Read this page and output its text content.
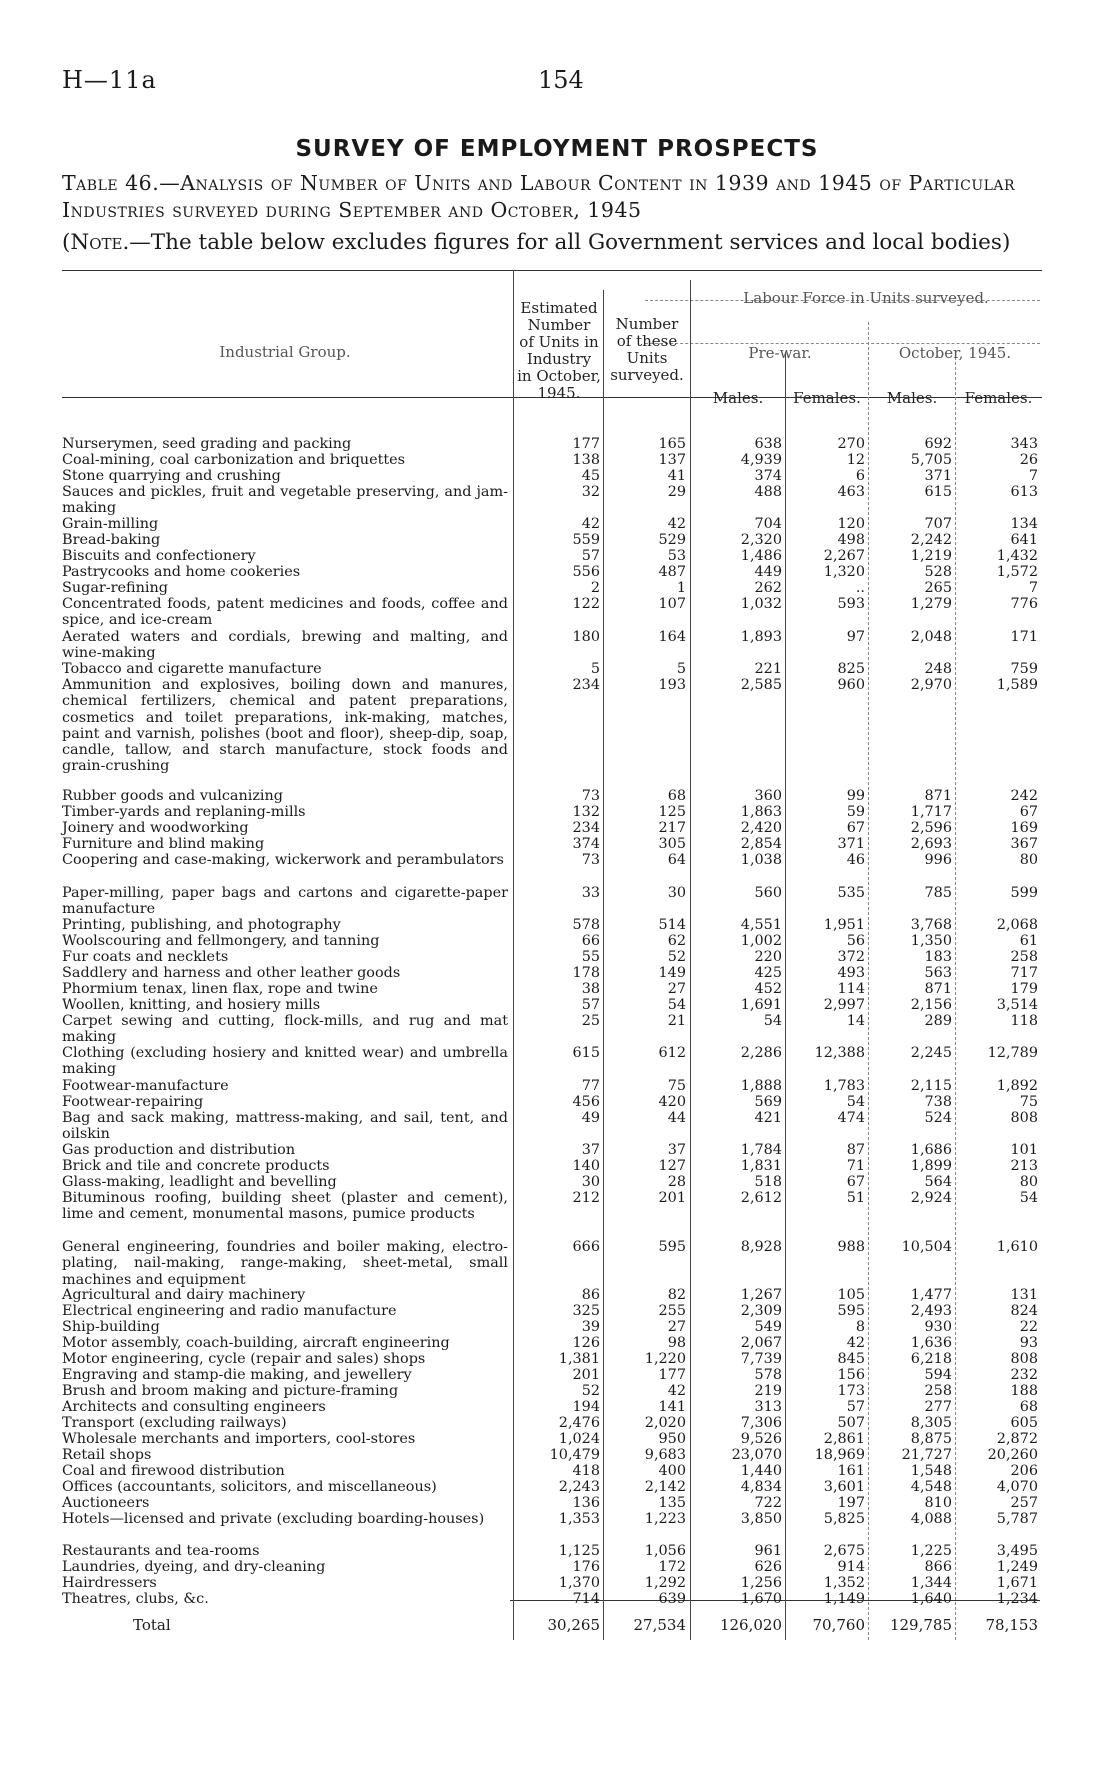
H—11a	154
SURVEY OF EMPLOYMENT PROSPECTS
Table 46.—Analysis of Number of Units and Labour Content in 1939 and 1945 of Particular Industries surveyed during September and October, 1945
(Note.—The table below excludes figures for all Government services and local bodies)
Industrial Group.
Estimated
Number
of Units in
Industry
in October,
1945.
Number
of these
Units
surveyed.
Labour Force in Units surveyed.
Pre-war.	October, 1945.
Males.	Females.	Males.	Females.
Nurserymen, seed grading and packing	177	165	638	270	692	343
Coal-mining, coal carbonization and briquettes	138	137	4,939	12	5,705	26
Stone quarrying and crushing	45	41	374	6	371	7
Sauces and pickles, fruit and vegetable preserving, and jam-making
32	29	488	463	615	613
Grain-milling	42	42	704	120	707	134
Bread-baking	559	529	2,320	498	2,242	641
Biscuits and confectionery	57	53	1,486	2,267	1,219	1,432
Pastrycooks and home cookeries	556	487	449	1,320	528	1,572
Sugar-refining	2	1	262	..	265	7
Concentrated foods, patent medicines and foods, coffee and spice, and ice-cream
122	107	1,032	593	1,279	776
Aerated waters and cordials, brewing and malting, and wine-making
180	164	1,893	97	2,048	171
Tobacco and cigarette manufacture	5	5	221	825	248	759
Ammunition and explosives, boiling down and manures, chemical fertilizers, chemical and patent preparations, cosmetics and toilet preparations, ink-making, matches, paint and varnish, polishes (boot and floor), sheep-dip, soap, candle, tallow, and starch manufacture, stock foods and grain-crushing
234	193	2,585	960	2,970	1,589
Rubber goods and vulcanizing	73	68	360	99	871	242
Timber-yards and replaning-mills	132	125	1,863	59	1,717	67
Joinery and woodworking	234	217	2,420	67	2,596	169
Furniture and blind making	374	305	2,854	371	2,693	367
Coopering and case-making, wickerwork and perambulators	73	64	1,038	46	996	80
Paper-milling, paper bags and cartons and cigarette-paper manufacture
33	30	560	535	785	599
Printing, publishing, and photography	578	514	4,551	1,951	3,768	2,068
Woolscouring and fellmongery, and tanning	66	62	1,002	56	1,350	61
Fur coats and necklets	55	52	220	372	183	258
Saddlery and harness and other leather goods	178	149	425	493	563	717
Phormium tenax, linen flax, rope and twine	38	27	452	114	871	179
Woollen, knitting, and hosiery mills	57	54	1,691	2,997	2,156	3,514
Carpet sewing and cutting, flock-mills, and rug and mat making
25	21	54	14	289	118
Clothing (excluding hosiery and knitted wear) and umbrella making
615	612	2,286 12,388	2,245 12,789
Footwear-manufacture	77	75	1,888	1,783	2,115	1,892
Footwear-repairing	456	420	569	54	738	75
Bag and sack making, mattress-making, and sail, tent, and oilskin
49	44	421	474	524	808
Gas production and distribution	37	37	1,784	87	1,686	101
Brick and tile and concrete products	140	127	1,831	71	1,899	213
Glass-making, leadlight and bevelling	30	28	518	67	564	80
Bituminous roofing, building sheet (plaster and cement), lime and cement, monumental masons, pumice products
212	201	2,612	51	2,924	54
General engineering, foundries and boiler making, electro-plating, nail-making, range-making, sheet-metal, small machines and equipment
666	595	8,928	988	10,504	1,610
Agricultural and dairy machinery	86	82	1,267	105	1,477	131
Electrical engineering and radio manufacture	325	255	2,309	595	2,493	824
Ship-building	39	27	549	8	930	22
Motor assembly, coach-building, aircraft engineering	126	98	2,067	42	1,636	93
Motor engineering, cycle (repair and sales) shops	1,381	1,220	7,739	845	6,218	808
Engraving and stamp-die making, and jewellery	201	177	578	156	594	232
Brush and broom making and picture-framing	52	42	219	173	258	188
Architects and consulting engineers	194	141	313	57	277	68
Transport (excluding railways)	2,476	2,020	7,306	507	8,305	605
Wholesale merchants and importers, cool-stores	1,024	950	9,526	2,861	8,875	2,872
Retail shops	10,479	9,683	23,070 18,969	21,727 20,260
Coal and firewood distribution	418	400	1,440	161	1,548	206
Offices (accountants, solicitors, and miscellaneous)	2,243	2,142	4,834	3,601	4,548	4,070
Auctioneers	136	135	722	197	810	257
Hotels—licensed and private (excluding boarding-houses)	1,353	1,223	3,850	5,825	4,088	5,787
Restaurants and tea-rooms	1,125	1,056	961	2,675	1,225	3,495
Laundries, dyeing, and dry-cleaning	176	172	626	914	866	1,249
Hairdressers	1,370	1,292	1,256	1,352	1,344	1,671
Theatres, clubs, &c.	714	639	1,670	1,149	1,640	1,234
Total	30,265 27,534 126,020 70,760 129,785 78,153
